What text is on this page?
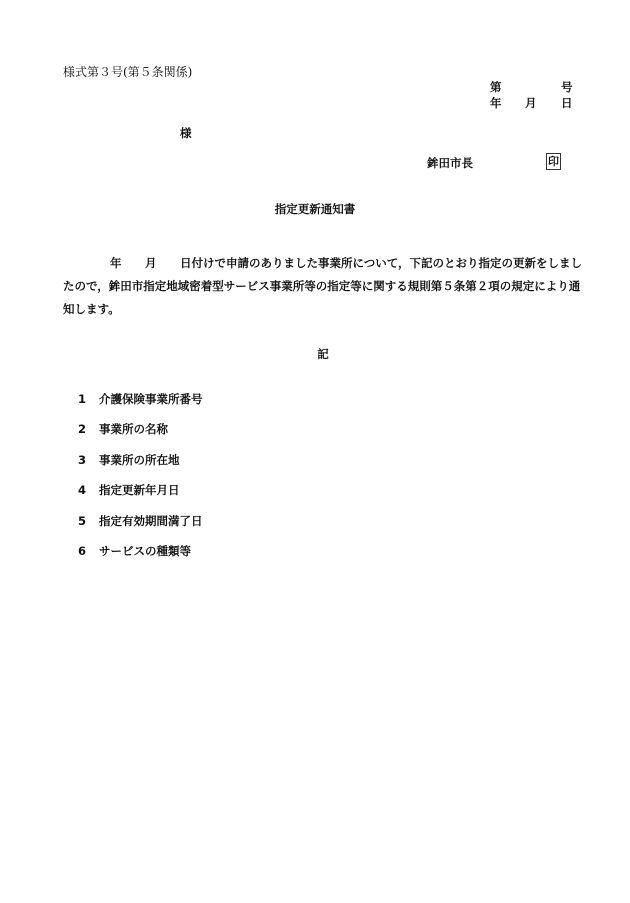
様式第３号(第５条関係)
第	号
年 月 日
様
鉾田市長	印
指定更新通知書
年 月 日付けで申請のありました事業所について，下記のとおり指定の更新をしまし
たので，鉾田市指定地域密着型サービス事業所等の指定等に関する規則第５条第２項の規定により通
知します。
記
1 介護保険事業所番号
2 事業所の名称
3 事業所の所在地
4 指定更新年月日
5 指定有効期間満了日
6 サービスの種類等
